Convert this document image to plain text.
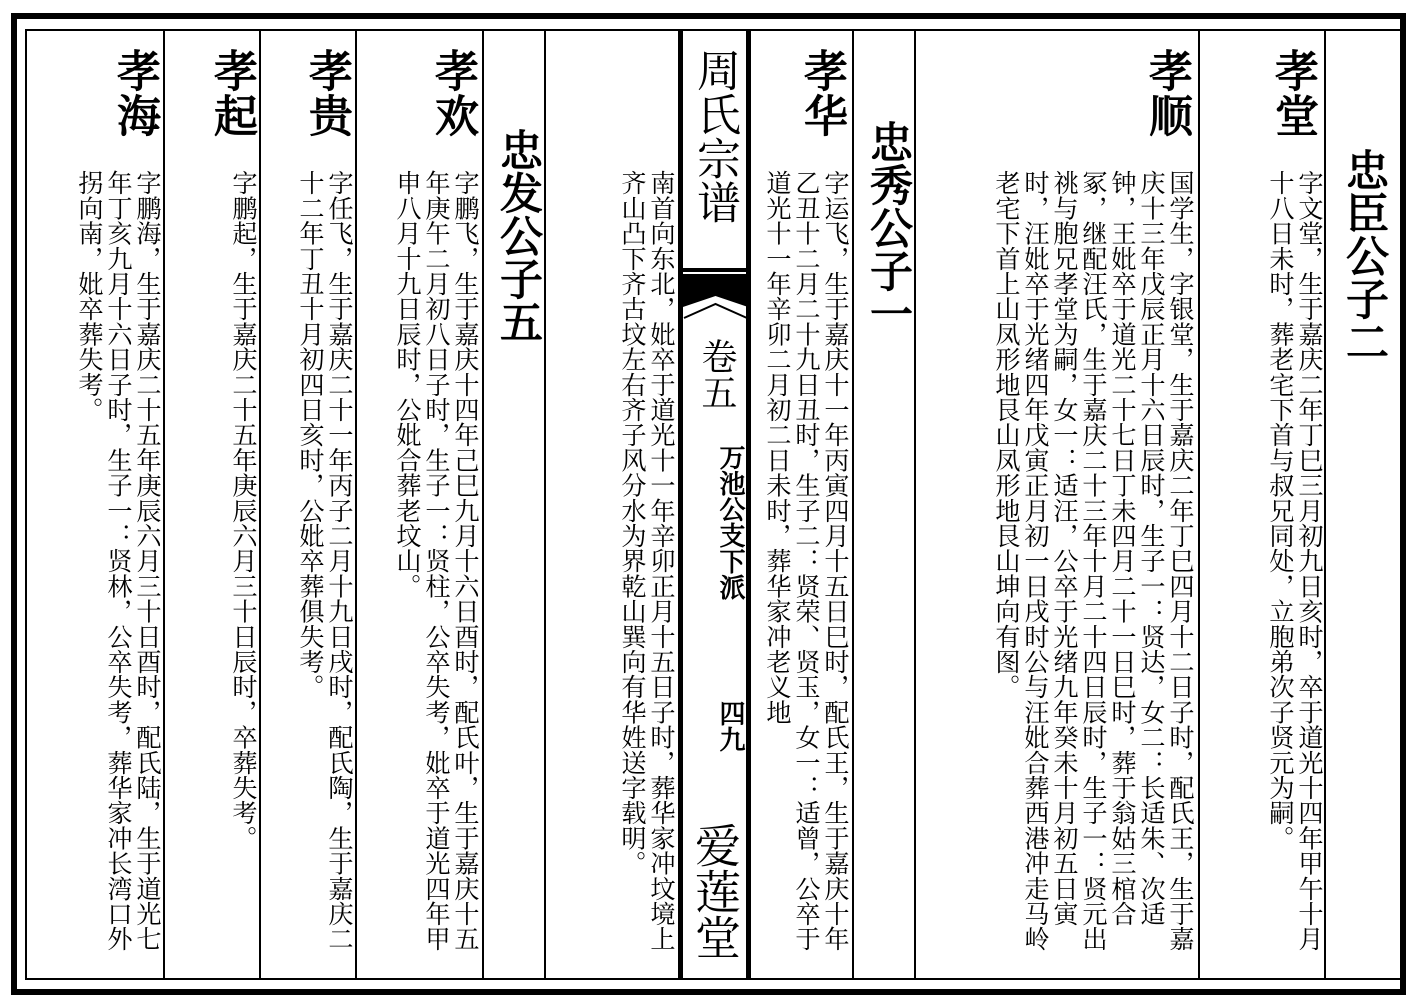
孝堂
字文堂，生于嘉庆二年丁巳三月初九日亥时，卒于道光十四年甲午十月十八日未时，葬老宅下首与叔兄同处，立胞弟次子贤元为嗣。	忠臣公子二
孝顺
国学生，字银堂，生于嘉庆二年丁巳四月十二日子时，配氏王，生于嘉庆十三年戊辰正月十六日辰时，生子一：贤达，女二：长适朱、次适钟，王妣卒于道光二十七日丁未四月二十一日巳时，葬于翁姑三棺合冢，继配汪氏，生于嘉庆二十三年十月二十四日辰时，生子一：贤元出祧与胞兄孝堂为嗣，女一：适汪，公卒于光绪九年癸未十月初五日寅时，汪妣卒于光绪四年戊寅正月初一日戌时公与汪妣合葬西港冲走马岭老宅下首上山凤形地艮山凤形地艮山坤向有图。
忠秀公子一
孝华
字运飞，生于嘉庆十一年丙寅四月十五日巳时，配氏王，生于嘉庆十年乙丑十二月二十九日丑时，生子二：贤荣、贤玉，女一：适曾，公卒于道光十一年辛卯二月初二日未时，葬华家冲老义地
周氏宗谱
卷五
万池公支下派
四九
爱莲堂
南首向东北，妣卒于道光十一年辛卯正月十五日子时，葬华家冲坟境上齐山凸下齐古坟左右齐子风分水为界乾山巽向有华姓送字载明。
忠发公子五
孝欢
字鹏飞，生于嘉庆十四年己巳九月十六日酉时，配氏叶，生于嘉庆十五年庚午二月初八日子时，生子一：贤柱，公卒失考，妣卒于道光四年甲申八月十九日辰时，公妣合葬老坟山。
孝贵
字任飞，生于嘉庆二十一年丙子二月十九日戌时，配氏陶，生于嘉庆二十二年丁丑十月初四日亥时，公妣卒葬俱失考。
孝起
字鹏起，生于嘉庆二十五年庚辰六月三十日辰时，卒葬失考。
孝海
字鹏海，生于嘉庆二十五年庚辰六月三十日酉时，配氏陆，生于道光七年丁亥九月十六日子时，生子一：贤林，公卒失考，葬华家冲长湾口外拐向南，妣卒葬失考。
